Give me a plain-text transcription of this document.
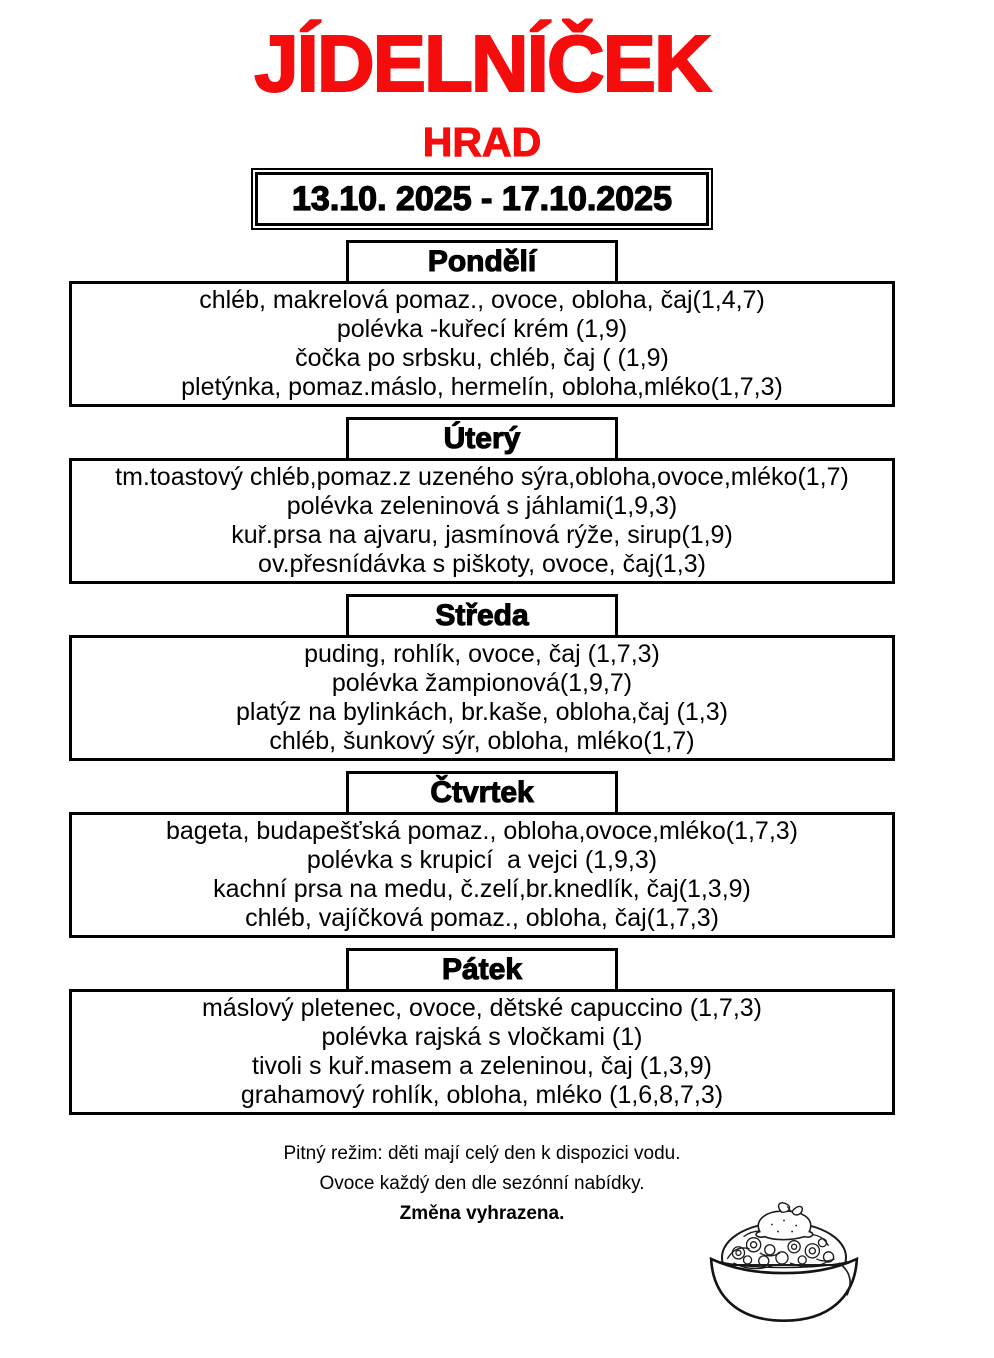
JÍDELNÍČEK
HRAD
13.10. 2025 - 17.10.2025
Pondělí
chléb, makrelová pomaz., ovoce, obloha, čaj(1,4,7)
polévka -kuřecí krém (1,9)
čočka po srbsku, chléb, čaj ( (1,9)
pletýnka, pomaz.máslo, hermelín, obloha,mléko(1,7,3)
Úterý
tm.toastový chléb,pomaz.z uzeného sýra,obloha,ovoce,mléko(1,7)
polévka zeleninová s jáhlami(1,9,3)
kuř.prsa na ajvaru, jasmínová rýže, sirup(1,9)
ov.přesnídávka s piškoty, ovoce, čaj(1,3)
Středa
puding, rohlík, ovoce, čaj (1,7,3)
polévka žampionová(1,9,7)
platýz na bylinkách, br.kaše, obloha,čaj (1,3)
chléb, šunkový sýr, obloha, mléko(1,7)
Čtvrtek
bageta, budapešťská pomaz., obloha,ovoce,mléko(1,7,3)
polévka s krupicí  a vejci (1,9,3)
kachní prsa na medu, č.zelí,br.knedlík, čaj(1,3,9)
chléb, vajíčková pomaz., obloha, čaj(1,7,3)
Pátek
máslový pletenec, ovoce, dětské capuccino (1,7,3)
polévka rajská s vločkami (1)
tivoli s kuř.masem a zeleninou, čaj (1,3,9)
grahamový rohlík, obloha, mléko (1,6,8,7,3)
Pitný režim: děti mají celý den k dispozici vodu.
Ovoce každý den dle sezónní nabídky.
Změna vyhrazena.
